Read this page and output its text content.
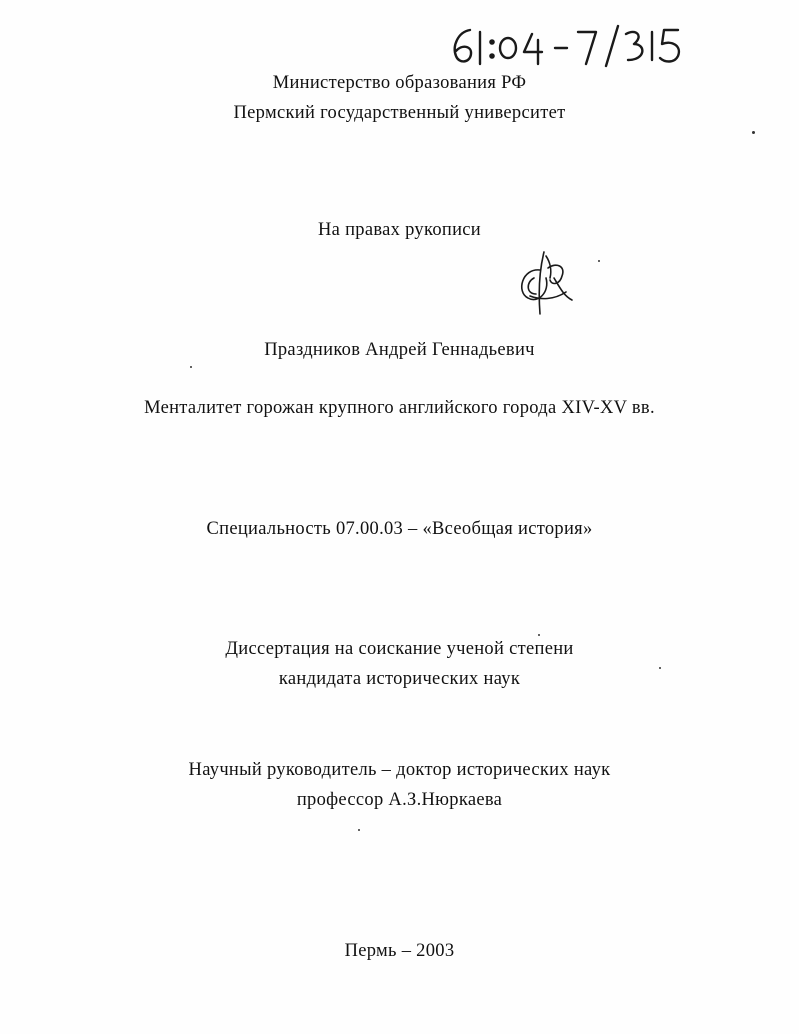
Министерство образования РФ
Пермский государственный университет
На правах рукописи
Праздников Андрей Геннадьевич
Менталитет горожан крупного английского города XIV-XV вв.
Специальность 07.00.03 – «Всеобщая история»
Диссертация на соискание ученой степени
кандидата исторических наук
Научный руководитель – доктор исторических наук
профессор А.З.Нюркаева
Пермь – 2003
